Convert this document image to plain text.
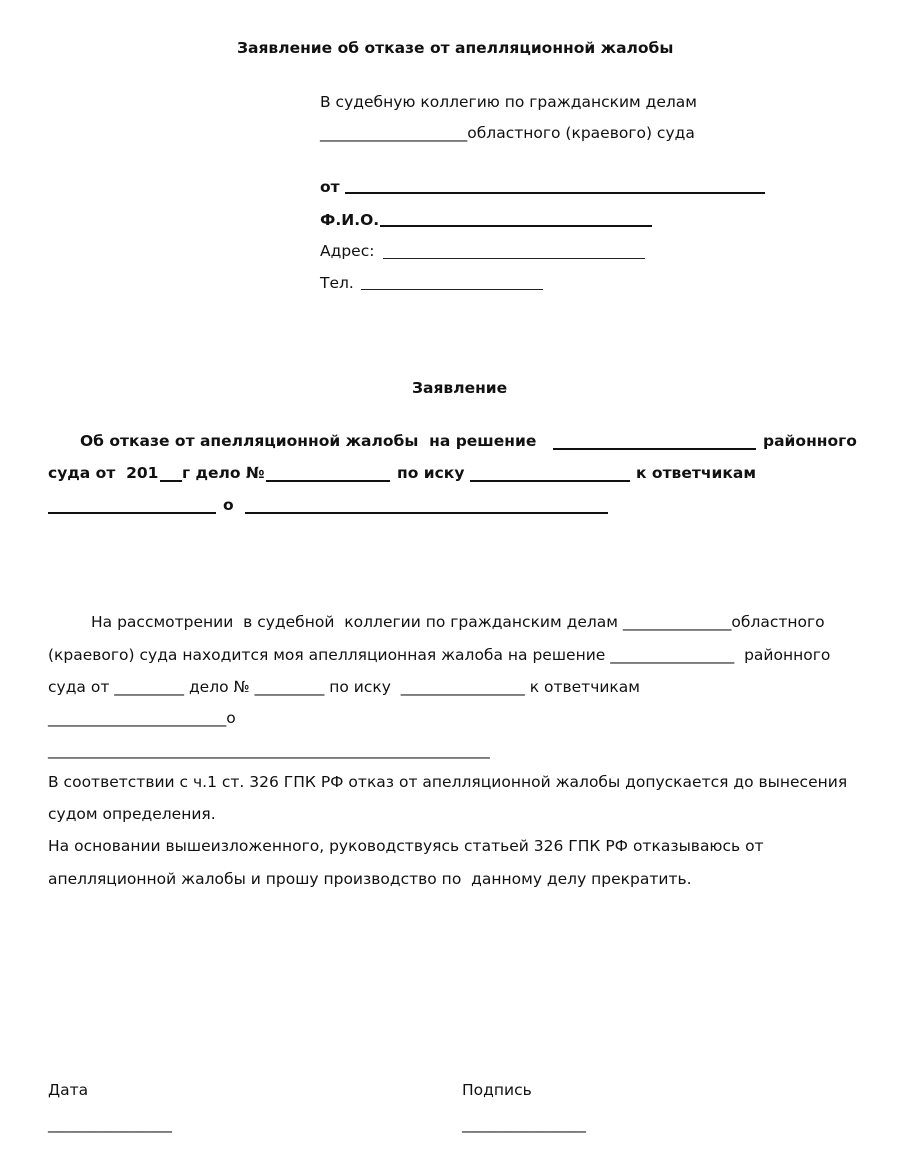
Заявление об отказе от апелляционной жалобы
В судебную коллегию по гражданским делам
___________________областного (краевого) суда
от
Ф.И.О.
Адрес:
Тел.
Заявление
Об отказе от апелляционной жалобы  на решение	районного
суда от  201 г дело №	по иску	к ответчикам
о
На рассмотрении  в судебной  коллегии по гражданским делам ______________областного
(краевого) суда находится моя апелляционная жалоба на решение ________________  районного
суда от _________ дело № _________ по иску  ________________ к ответчикам
_______________________о
_________________________________________________________
В соответствии с ч.1 ст. 326 ГПК РФ отказ от апелляционной жалобы допускается до вынесения
судом определения.
На основании вышеизложенного, руководствуясь статьей 326 ГПК РФ отказываюсь от
апелляционной жалобы и прошу производство по  данному делу прекратить.
Дата	Подпись
________________	________________
